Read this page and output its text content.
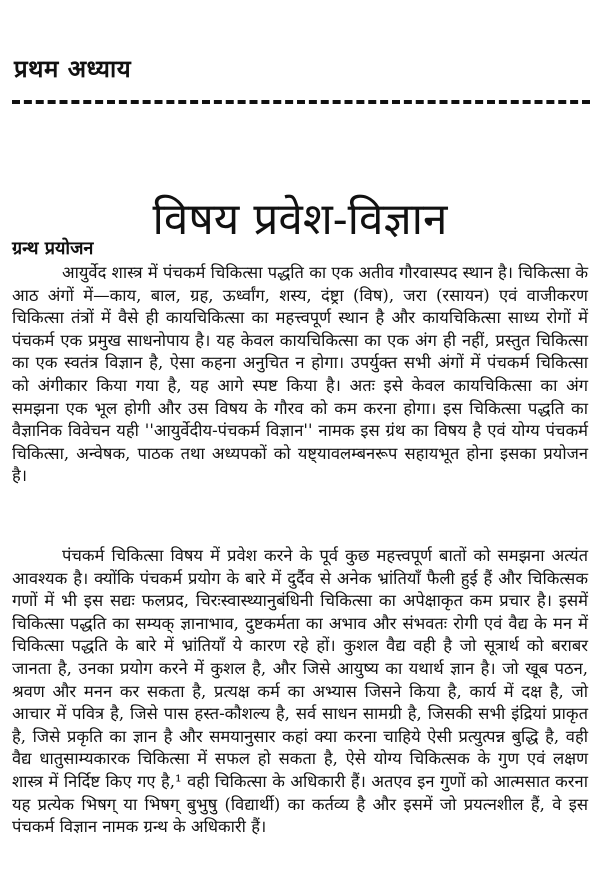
प्रथम अध्याय
विषय प्रवेश-विज्ञान
ग्रन्थ प्रयोजन

आयुर्वेद शास्त्र में पंचकर्म चिकित्सा पद्धति का एक अतीव गौरवास्पद स्थान है। चिकित्सा के आठ अंगों में—काय, बाल, ग्रह, ऊर्ध्वांग, शस्य, दंष्ट्रा (विष), जरा (रसायन) एवं वाजीकरण चिकित्सा तंत्रों में वैसे ही कायचिकित्सा का महत्त्वपूर्ण स्थान है और कायचिकित्सा साध्य रोगों में पंचकर्म एक प्रमुख साधनोपाय है। यह केवल कायचिकित्सा का एक अंग ही नहीं, प्रस्तुत चिकित्सा का एक स्वतंत्र विज्ञान है, ऐसा कहना अनुचित न होगा। उपर्युक्त सभी अंगों में पंचकर्म चिकित्सा को अंगीकार किया गया है, यह आगे स्पष्ट किया है। अतः इसे केवल कायचिकित्सा का अंग समझना एक भूल होगी और उस विषय के गौरव को कम करना होगा। इस चिकित्सा पद्धति का वैज्ञानिक विवेचन यही ''आयुर्वेदीय-पंचकर्म विज्ञान'' नामक इस ग्रंथ का विषय है एवं योग्य पंचकर्म चिकित्सा, अन्वेषक, पाठक तथा अध्यपकों को यष्ट्यावलम्बनरूप सहायभूत होना इसका प्रयोजन है।

पंचकर्म चिकित्सा विषय में प्रवेश करने के पूर्व कुछ महत्त्वपूर्ण बातों को समझना अत्यंत आवश्यक है। क्योंकि पंचकर्म प्रयोग के बारे में दुर्दैव से अनेक भ्रांतियाँ फैली हुई हैं और चिकित्सक गणों में भी इस सद्यः फलप्रद, चिरःस्वास्थ्यानुबंधिनी चिकित्सा का अपेक्षाकृत कम प्रचार है। इसमें चिकित्सा पद्धति का सम्यक् ज्ञानाभाव, दुष्टकर्मता का अभाव और संभवतः रोगी एवं वैद्य के मन में चिकित्सा पद्धति के बारे में भ्रांतियाँ ये कारण रहे हों। कुशल वैद्य वही है जो सूत्रार्थ को बराबर जानता है, उनका प्रयोग करने में कुशल है, और जिसे आयुष्य का यथार्थ ज्ञान है। जो खूब पठन, श्रवण और मनन कर सकता है, प्रत्यक्ष कर्म का अभ्यास जिसने किया है, कार्य में दक्ष है, जो आचार में पवित्र है, जिसे पास हस्त-कौशल्य है, सर्व साधन सामग्री है, जिसकी सभी इंद्रियां प्राकृत है, जिसे प्रकृति का ज्ञान है और समयानुसार कहां क्या करना चाहिये ऐसी प्रत्युत्पन्न बुद्धि है, वही वैद्य धातुसाम्यकारक चिकित्सा में सफल हो सकता है, ऐसे योग्य चिकित्सक के गुण एवं लक्षण शास्त्र में निर्दिष्ट किए गए है,¹ वही चिकित्सा के अधिकारी हैं। अतएव इन गुणों को आत्मसात करना यह प्रत्येक भिषग् या भिषग् बुभुषु (विद्यार्थी) का कर्तव्य है और इसमें जो प्रयत्नशील हैं, वे इस पंचकर्म विज्ञान नामक ग्रन्थ के अधिकारी हैं।
